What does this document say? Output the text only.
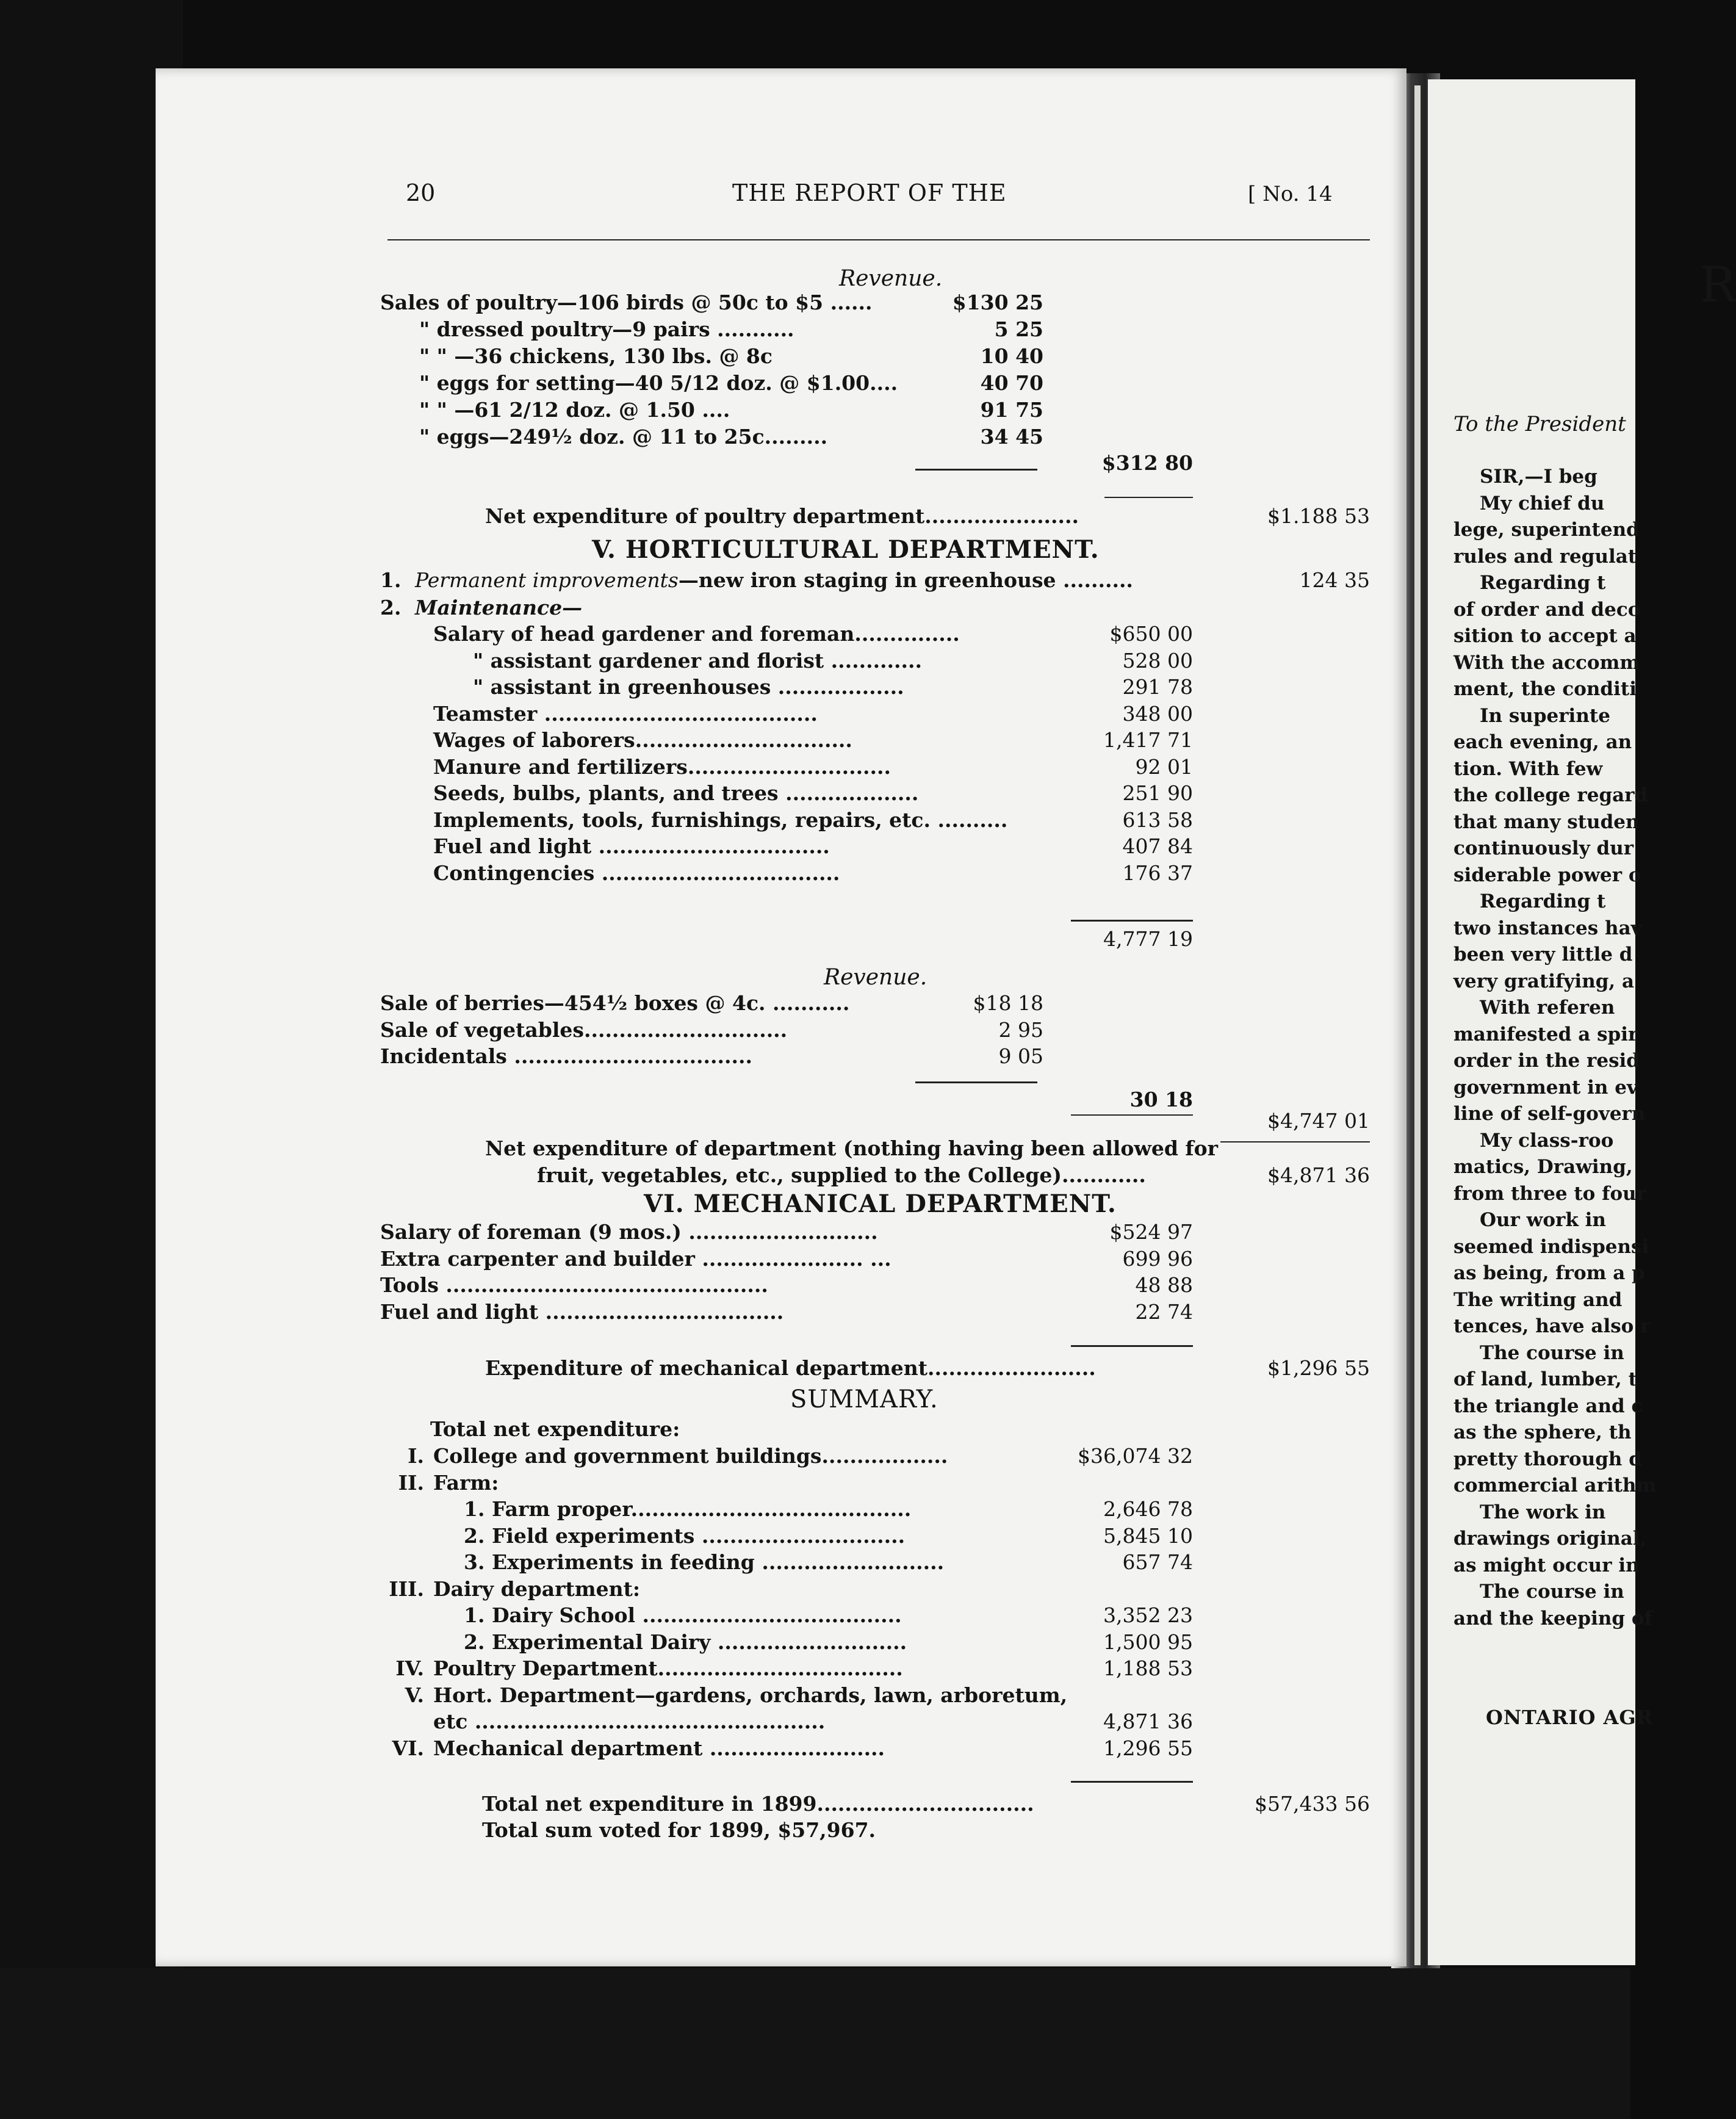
20	THE REPORT OF THE	[ No. 14
Revenue.
Sales of poultry—106 birds @ 50c to $5 ......	$130 25
" dressed poultry—9 pairs ...........	5 25
" " —36 chickens, 130 lbs. @ 8c	10 40
" eggs for setting—40 5/12 doz. @ $1.00....	40 70
" " —61 2/12 doz. @ 1.50 ....	91 75
" eggs—249½ doz. @ 11 to 25c.........	34 45
$312 80
Net expenditure of poultry department......................	$1.188 53
V. HORTICULTURAL DEPARTMENT.
1. Permanent improvements—new iron staging in greenhouse ..........	124 35
2. Maintenance—
Salary of head gardener and foreman...............	$650 00
" assistant gardener and florist .............	528 00
" assistant in greenhouses ..................	291 78
Teamster .......................................	348 00
Wages of laborers...............................	1,417 71
Manure and fertilizers.............................	92 01
Seeds, bulbs, plants, and trees ...................	251 90
Implements, tools, furnishings, repairs, etc. ..........	613 58
Fuel and light .................................	407 84
Contingencies ..................................	176 37
4,777 19
Revenue.
Sale of berries—454½ boxes @ 4c. ...........	$18 18
Sale of vegetables.............................	2 95
Incidentals ..................................	9 05
30 18
$4,747 01
Net expenditure of department (nothing having been allowed for
fruit, vegetables, etc., supplied to the College)............	$4,871 36
VI. MECHANICAL DEPARTMENT.
Salary of foreman (9 mos.) ...........................	$524 97
Extra carpenter and builder ....................... ...	699 96
Tools ..............................................	48 88
Fuel and light ..................................	22 74
Expenditure of mechanical department........................	$1,296 55
SUMMARY.
Total net expenditure:
I. College and government buildings..................	$36,074 32
II. Farm:
1. Farm proper........................................	2,646 78
2. Field experiments .............................	5,845 10
3. Experiments in feeding ..........................	657 74
III. Dairy department:
1. Dairy School .....................................	3,352 23
2. Experimental Dairy ...........................	1,500 95
IV. Poultry Department...................................	1,188 53
V. Hort. Department—gardens, orchards, lawn, arboretum,
etc ..................................................	4,871 36
VI. Mechanical department .........................	1,296 55
Total net expenditure in 1899...............................	$57,433 56
Total sum voted for 1899, $57,967.
R
To the President
SIR,—I beg
My chief du
lege, superintend
rules and regulat
Regarding t
of order and deco
sition to accept a
With the accomm
ment, the conditi
In superinte
each evening, an
tion. With few
the college regard
that many studen
continuously dur
siderable power o
Regarding t
two instances hav
been very little d
very gratifying, a
With referen
manifested a spir
order in the resid
government in ev
line of self-govern
My class-roo
matics, Drawing,
from three to four
Our work in
seemed indispensi
as being, from a p
The writing and
tences, have also r
The course in
of land, lumber, t
the triangle and c
as the sphere, th
pretty thorough d
commercial arithm
The work in
drawings original,
as might occur in
The course in
and the keeping of
ONTARIO AGR
